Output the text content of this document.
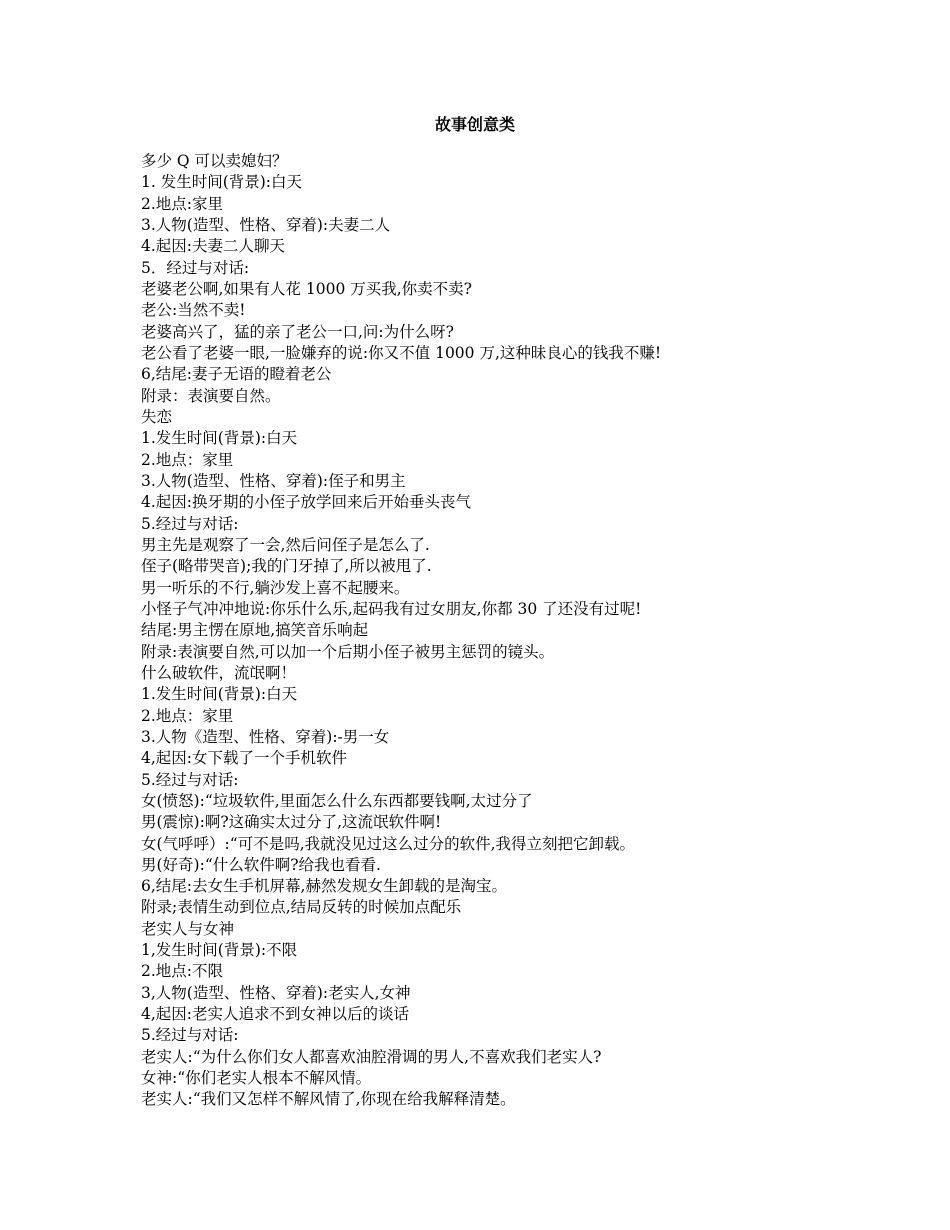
故事创意类
多少 Q 可以卖媳妇？
1. 发生时间(背景):白天
2.地点:家里
3.人物(造型、性格、穿着):夫妻二人
4.起因:夫妻二人聊天
5．经过与对话:
老婆老公啊,如果有人花 1000 万买我,你卖不卖?
老公:当然不卖!
老婆高兴了，猛的亲了老公一口,问:为什么呀?
老公看了老婆一眼,一脸嫌弃的说:你又不值 1000 万,这种昧良心的钱我不赚!
6,结尾:妻子无语的瞪着老公
附录：表演要自然。
失恋
1.发生时间(背景):白天
2.地点：家里
3.人物(造型、性格、穿着):侄子和男主
4.起因:换牙期的小侄子放学回来后开始垂头丧气
5.经过与对话:
男主先是观察了一会,然后问侄子是怎么了.
侄子(略带哭音);我的门牙掉了,所以被甩了.
男一听乐的不行,躺沙发上喜不起腰来。
小怪子气冲冲地说:你乐什么乐,起码我有过女朋友,你都 30 了还没有过呢!
结尾:男主愣在原地,搞笑音乐响起
附录:表演要自然,可以加一个后期小侄子被男主惩罚的镜头。
什么破软件，流氓啊！
1.发生时间(背景):白天
2.地点：家里
3.人物《造型、性格、穿着):-男一女
4,起因:女下载了一个手机软件
5.经过与对话:
女(愤怒):“垃圾软件,里面怎么什么东西都要钱啊,太过分了
男(震惊):啊?这确实太过分了,这流氓软件啊!
女(气呼呼）:“可不是吗,我就没见过这么过分的软件,我得立刻把它卸载。
男(好奇):“什么软件啊?给我也看看.
6,结尾:去女生手机屏幕,赫然发规女生卸载的是淘宝。
附录;表情生动到位点,结局反转的时候加点配乐
老实人与女神
1,发生时间(背景):不限
2.地点:不限
3,人物(造型、性格、穿着):老实人,女神
4,起因:老实人追求不到女神以后的谈话
5.经过与对话:
老实人:“为什么你们女人都喜欢油腔滑调的男人,不喜欢我们老实人?
女神:“你们老实人根本不解风情。
老实人:“我们又怎样不解风情了,你现在给我解释清楚。
